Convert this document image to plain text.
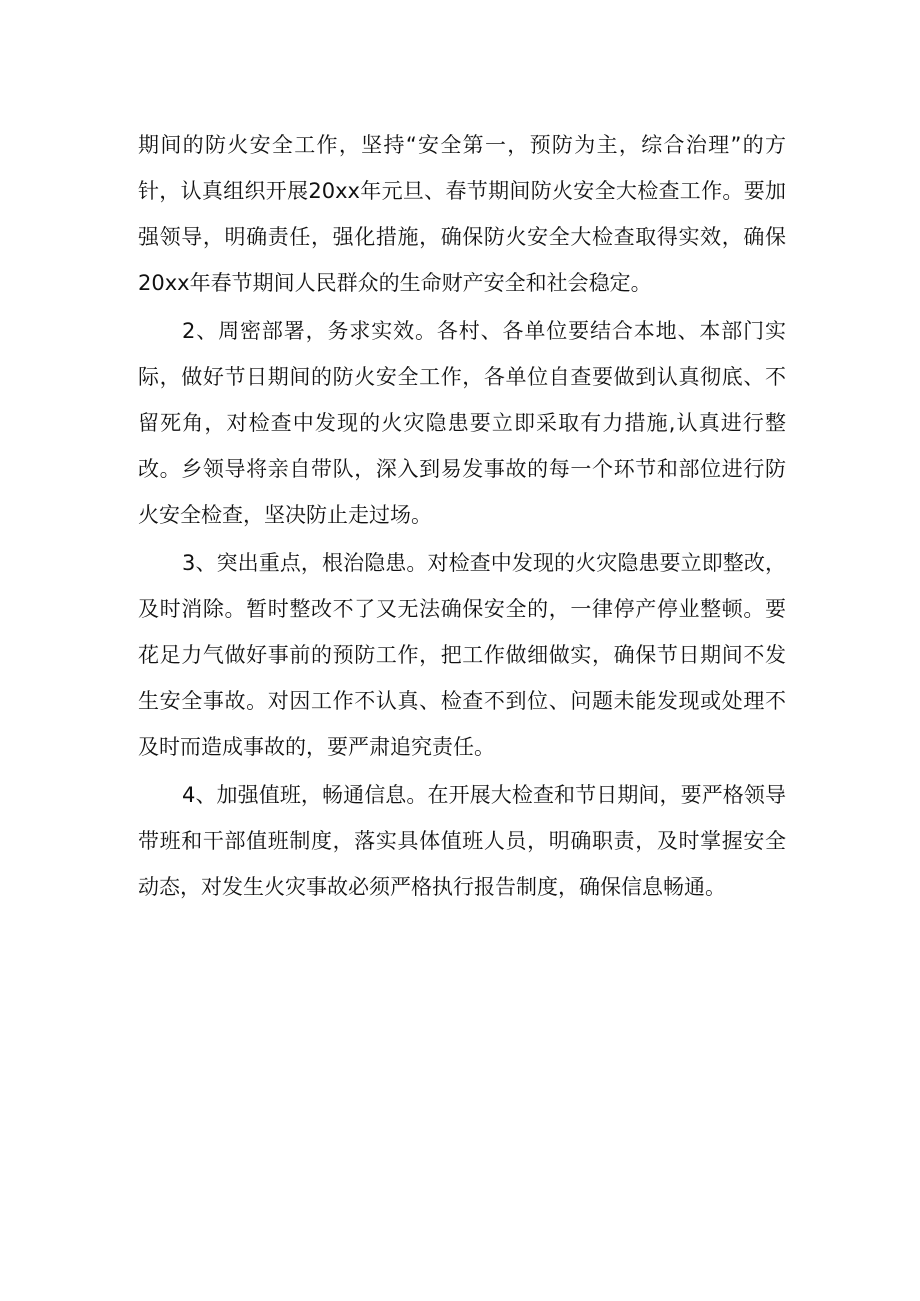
期间的防火安全工作，坚持“安全第一，预防为主，综合治理”的方针，认真组织开展20xx年元旦、春节期间防火安全大检查工作。要加强领导，明确责任，强化措施，确保防火安全大检查取得实效，确保20xx年春节期间人民群众的生命财产安全和社会稳定。

2、周密部署，务求实效。各村、各单位要结合本地、本部门实际，做好节日期间的防火安全工作，各单位自查要做到认真彻底、不留死角，对检查中发现的火灾隐患要立即采取有力措施,认真进行整改。乡领导将亲自带队，深入到易发事故的每一个环节和部位进行防火安全检查，坚决防止走过场。

3、突出重点，根治隐患。对检查中发现的火灾隐患要立即整改，及时消除。暂时整改不了又无法确保安全的，一律停产停业整顿。要花足力气做好事前的预防工作，把工作做细做实，确保节日期间不发生安全事故。对因工作不认真、检查不到位、问题未能发现或处理不及时而造成事故的，要严肃追究责任。

4、加强值班，畅通信息。在开展大检查和节日期间，要严格领导带班和干部值班制度，落实具体值班人员，明确职责，及时掌握安全动态，对发生火灾事故必须严格执行报告制度，确保信息畅通。
